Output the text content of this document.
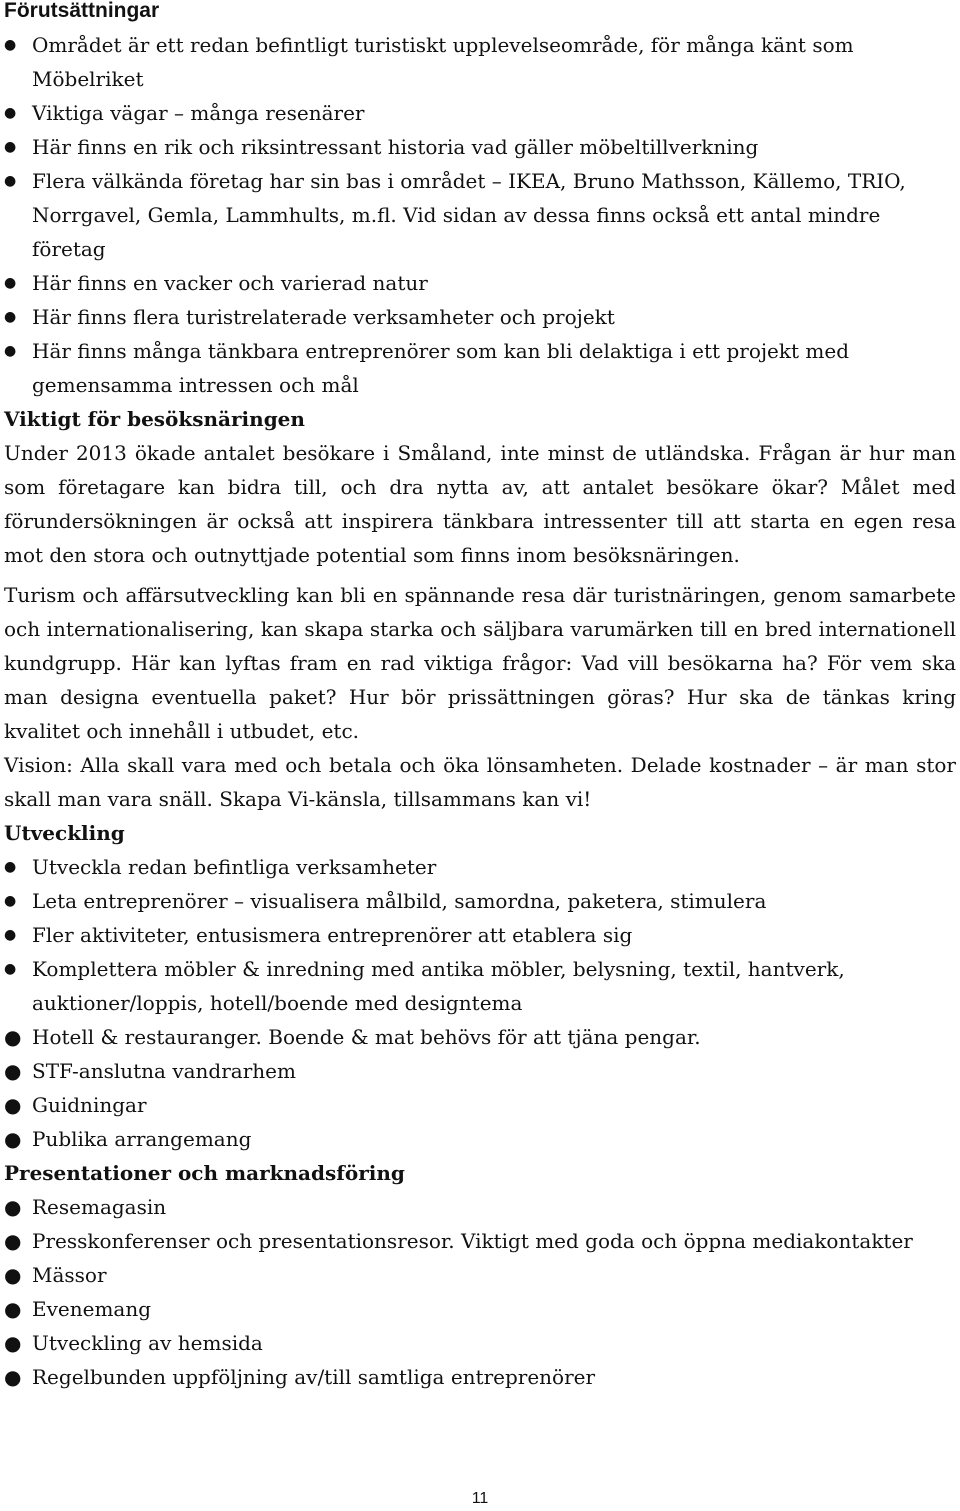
Förutsättningar
● Området är ett redan befintligt turistiskt upplevelseområde, för många känt som Möbelriket
● Viktiga vägar – många resenärer
● Här finns en rik och riksintressant historia vad gäller möbeltillverkning
● Flera välkända företag har sin bas i området – IKEA, Bruno Mathsson, Källemo, TRIO, Norrgavel, Gemla, Lammhults, m.fl. Vid sidan av dessa finns också ett antal mindre företag
● Här finns en vacker och varierad natur
● Här finns flera turistrelaterade verksamheter och projekt
● Här finns många tänkbara entreprenörer som kan bli delaktiga i ett projekt med gemensamma intressen och mål
Viktigt för besöksnäringen

Under 2013 ökade antalet besökare i Småland, inte minst de utländska. Frågan är hur man som företagare kan bidra till, och dra nytta av, att antalet besökare ökar? Målet med förundersökningen är också att inspirera tänkbara intressenter till att starta en egen resa mot den stora och outnyttjade potential som finns inom besöksnäringen.

Turism och affärsutveckling kan bli en spännande resa där turistnäringen, genom samarbete och internationalisering, kan skapa starka och säljbara varumärken till en bred internationell kundgrupp. Här kan lyftas fram en rad viktiga frågor: Vad vill besökarna ha? För vem ska man designa eventuella paket? Hur bör prissättningen göras? Hur ska de tänkas kring kvalitet och innehåll i utbudet, etc.

Vision: Alla skall vara med och betala och öka lönsamheten. Delade kostnader – är man stor skall man vara snäll. Skapa Vi-känsla, tillsammans kan vi!

Utveckling
● Utveckla redan befintliga verksamheter
● Leta entreprenörer – visualisera målbild, samordna, paketera, stimulera
● Fler aktiviteter, entusismera entreprenörer att etablera sig
● Komplettera möbler & inredning med antika möbler, belysning, textil, hantverk, auktioner/loppis, hotell/boende med designtema
● Hotell & restauranger. Boende & mat behövs för att tjäna pengar.
● STF-anslutna vandrarhem
● Guidningar
● Publika arrangemang
Presentationer och marknadsföring
● Resemagasin
● Presskonferenser och presentationsresor. Viktigt med goda och öppna mediakontakter
● Mässor
● Evenemang
● Utveckling av hemsida
● Regelbunden uppföljning av/till samtliga entreprenörer
11
